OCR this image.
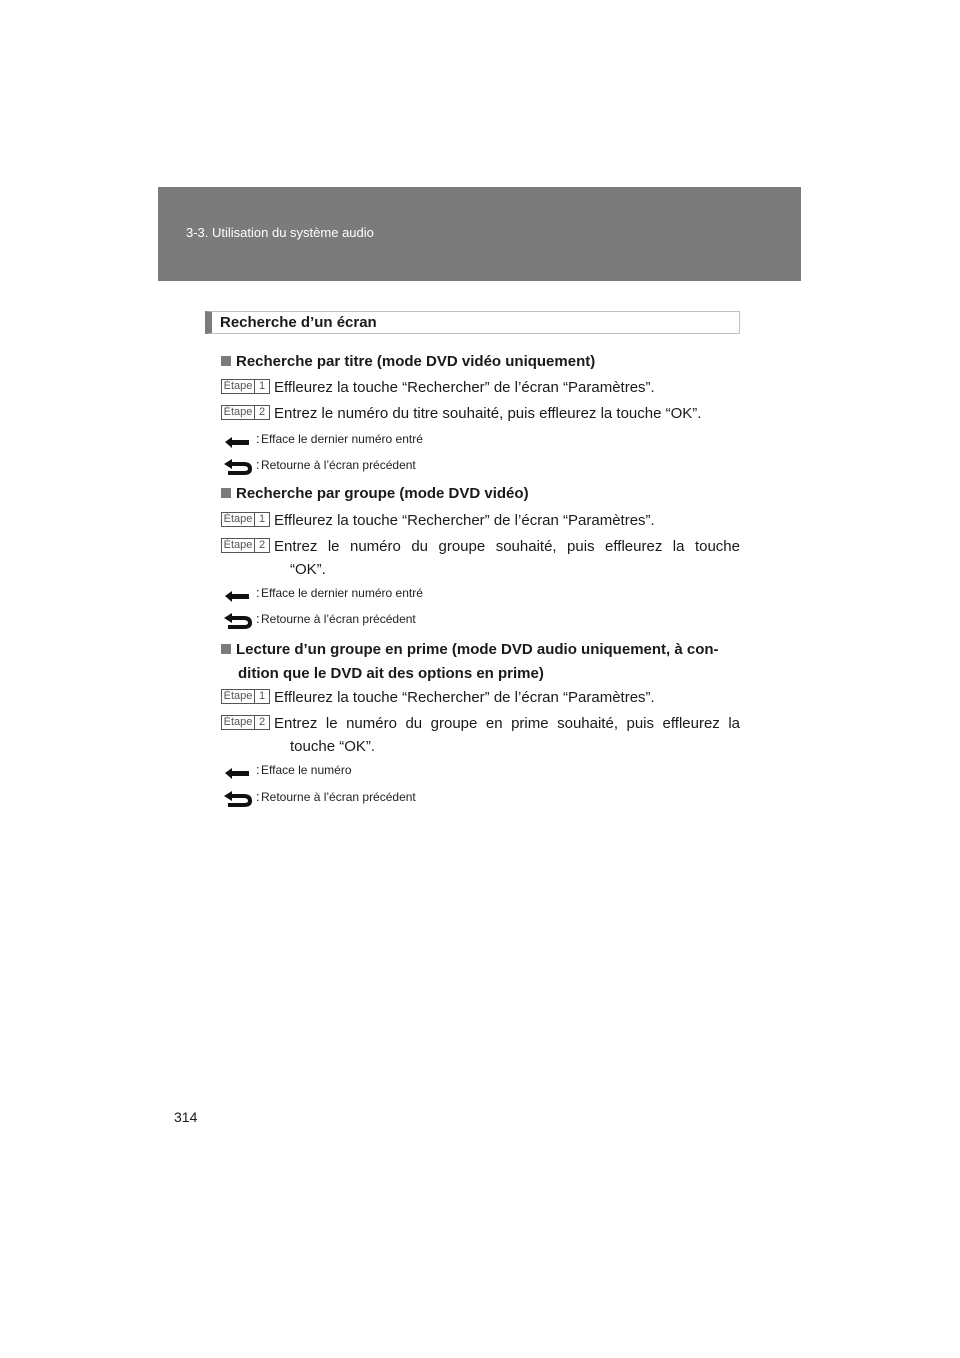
3-3. Utilisation du système audio
Recherche d’un écran
Recherche par titre (mode DVD vidéo uniquement)
Étape 1 Effleurez la touche “Rechercher” de l’écran “Paramètres”.
Étape 2 Entrez le numéro du titre souhaité, puis effleurez la touche “OK”.
: Efface le dernier numéro entré
: Retourne à l’écran précédent
Recherche par groupe (mode DVD vidéo)
Étape 1 Effleurez la touche “Rechercher” de l’écran “Paramètres”.
Étape 2 Entrez le numéro du groupe souhaité, puis effleurez la touche
“OK”.
: Efface le dernier numéro entré
: Retourne à l’écran précédent
Lecture d’un groupe en prime (mode DVD audio uniquement, à con-
dition que le DVD ait des options en prime)
Étape 1 Effleurez la touche “Rechercher” de l’écran “Paramètres”.
Étape 2 Entrez le numéro du groupe en prime souhaité, puis effleurez la
touche “OK”.
: Efface le numéro
: Retourne à l’écran précédent
314
